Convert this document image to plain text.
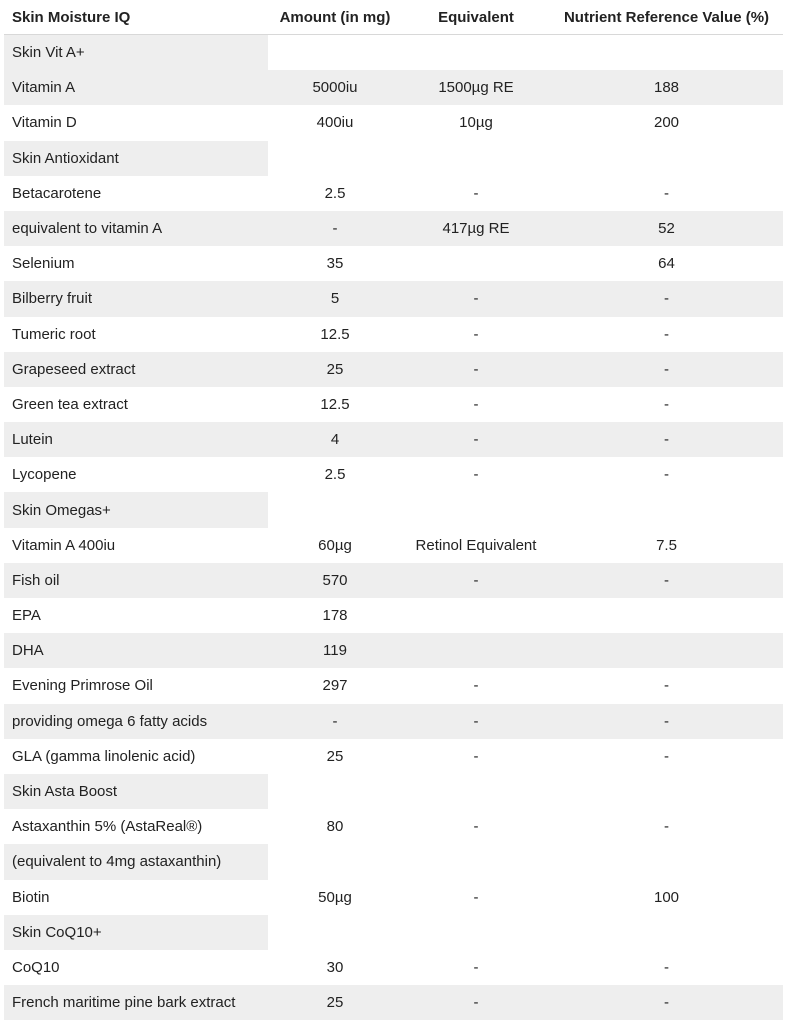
Skin Moisture IQ	Amount (in mg)	Equivalent	Nutrient Reference Value (%)
Skin Vit A+			
Vitamin A	5000iu	1500µg RE	188
Vitamin D	400iu	10µg	200
Skin Antioxidant			
Betacarotene	2.5	-	-
equivalent to vitamin A	-	417µg RE	52
Selenium	35		64
Bilberry fruit	5	-	-
Tumeric root	12.5	-	-
Grapeseed extract	25	-	-
Green tea extract	12.5	-	-
Lutein	4	-	-
Lycopene	2.5	-	-
Skin Omegas+			
Vitamin A 400iu	60µg	Retinol Equivalent	7.5
Fish oil	570	-	-
EPA	178		
DHA	119		
Evening Primrose Oil	297	-	-
providing omega 6 fatty acids	-	-	-
GLA (gamma linolenic acid)	25	-	-
Skin Asta Boost			
Astaxanthin 5% (AstaReal®)	80	-	-
(equivalent to 4mg astaxanthin)			
Biotin	50µg	-	100
Skin CoQ10+			
CoQ10	30	-	-
French maritime pine bark extract	25	-	-
